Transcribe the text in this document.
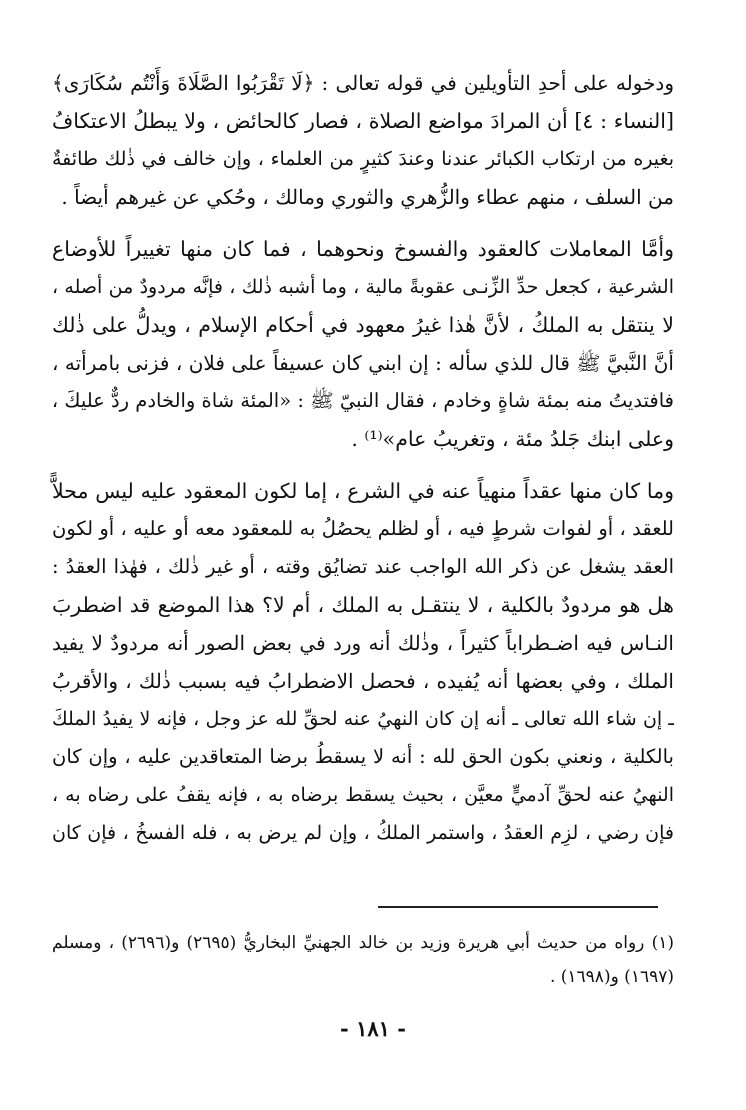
ودخوله على أحدِ التأويلين في قوله تعالى : ﴿لَا تَقْرَبُوا الصَّلَاةَ وَأَنْتُم سُكَارَى﴾
[النساء : ٤] أن المرادَ مواضع الصلاة ، فصار كالحائض ، ولا يبطلُ الاعتكافُ
بغيره من ارتكاب الكبائر عندنا وعندَ كثيرٍ من العلماء ، وإن خالف في ذٰلك طائفةٌ
من السلف ، منهم عطاء والزُّهري والثوري ومالك ، وحُكي عن غيرهم أيضاً .
وأمَّا المعاملات كالعقود والفسوخ ونحوهما ، فما كان منها تغييراً للأوضاع
الشرعية ، كجعل حدِّ الزِّنـى عقوبةً مالية ، وما أشبه ذٰلك ، فإنَّه مردودٌ من أصله ،
لا ينتقل به الملكُ ، لأنَّ هٰذا غيرُ معهود في أحكام الإسلام ، ويدلُّ على ذٰلك
أنَّ النَّبيَّ ﷺ قال للذي سأله : إن ابني كان عسيفاً على فلان ، فزنى بامرأته ،
فافتديتُ منه بمئة شاةٍ وخادم ، فقال النبيّ ﷺ : «المئة شاة والخادم ردٌّ عليكَ ،
وعلى ابنك جَلدُ مئة ، وتغريبُ عام»⁽¹⁾ .
وما كان منها عقداً منهياً عنه في الشرع ، إما لكون المعقود عليه ليس محلاًّ
للعقد ، أو لفوات شرطٍ فيه ، أو لظلم يحصُلُ به للمعقود معه أو عليه ، أو لكون
العقد يشغل عن ذكر الله الواجب عند تضايُق وقته ، أو غير ذٰلك ، فهٰذا العقدُ :
هل هو مردودٌ بالكلية ، لا ينتقـل به الملك ، أم لا؟ هذا الموضع قد اضطربَ
النـاس فيه اضـطراباً كثيراً ، وذٰلك أنه ورد في بعض الصور أنه مردودٌ لا يفيد
الملك ، وفي بعضها أنه يُفيده ، فحصل الاضطرابُ فيه بسبب ذٰلك ، والأقربُ
ـ إن شاء الله تعالى ـ أنه إن كان النهيُ عنه لحقِّ لله عز وجل ، فإنه لا يفيدُ الملكَ
بالكلية ، ونعني بكون الحق لله : أنه لا يسقطُ برضا المتعاقدين عليه ، وإن كان
النهيُ عنه لحقِّ آدميٍّ معيَّن ، بحيث يسقط برضاه به ، فإنه يقفُ على رضاه به ،
فإن رضي ، لزِم العقدُ ، واستمر الملكُ ، وإن لم يرض به ، فله الفسخُ ، فإن كان
(١) رواه من حديث أبي هريرة وزيد بن خالد الجهنيِّ البخاريُّ (٢٦٩٥) و(٢٦٩٦) ، ومسلم
(١٦٩٧) و(١٦٩٨) .
- ١٨١ -
